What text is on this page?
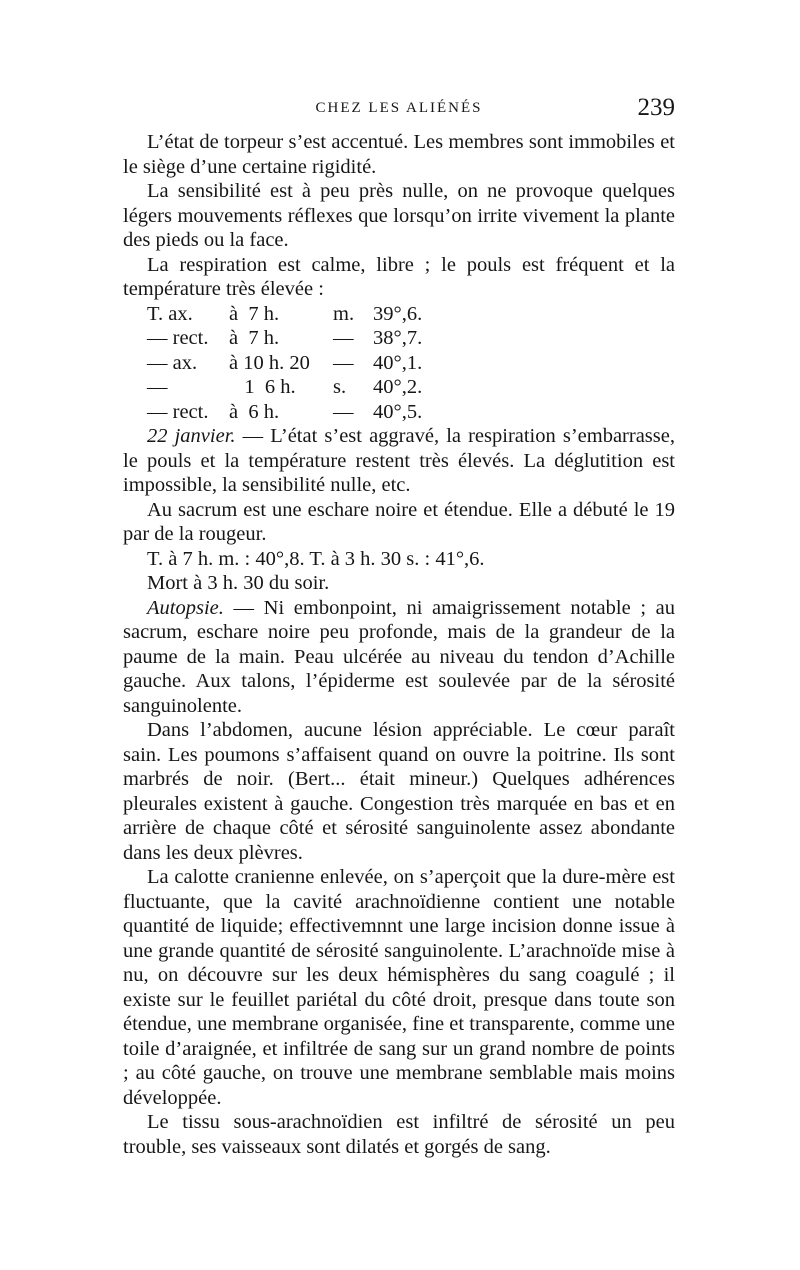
CHEZ LES ALIÉNÉS	239

L’état de torpeur s’est accentué. Les membres sont immobiles et le siège d’une certaine rigidité.

La sensibilité est à peu près nulle, on ne provoque quelques légers mouvements réflexes que lorsqu’on irrite vivement la plante des pieds ou la face.

La respiration est calme, libre ; le pouls est fréquent et la température très élevée :

T. ax.	à  7 h.	m. 39°,6.
— rect.	à  7 h.	— 38°,7.
— ax.	à 10 h. 20	— 40°,1.
—	1  6 h.	s.	40°,2.
— rect.	à  6 h.	— 40°,5.

22 janvier. — L’état s’est aggravé, la respiration s’embarrasse, le pouls et la température restent très élevés. La déglutition est impossible, la sensibilité nulle, etc.

Au sacrum est une eschare noire et étendue. Elle a débuté le 19 par de la rougeur.

T. à 7 h. m. : 40°,8. T. à 3 h. 30 s. : 41°,6.

Mort à 3 h. 30 du soir.

Autopsie. — Ni embonpoint, ni amaigrissement notable ; au sacrum, eschare noire peu profonde, mais de la grandeur de la paume de la main. Peau ulcérée au niveau du tendon d’Achille gauche. Aux talons, l’épiderme est soulevée par de la sérosité sanguinolente.

Dans l’abdomen, aucune lésion appréciable. Le cœur paraît sain. Les poumons s’affaisent quand on ouvre la poitrine. Ils sont marbrés de noir. (Bert... était mineur.) Quelques adhérences pleurales existent à gauche. Congestion très marquée en bas et en arrière de chaque côté et sérosité sanguinolente assez abondante dans les deux plèvres.

La calotte cranienne enlevée, on s’aperçoit que la dure-mère est fluctuante, que la cavité arachnoïdienne contient une notable quantité de liquide; effectivemnnt une large incision donne issue à une grande quantité de sérosité sanguinolente. L’arachnoïde mise à nu, on découvre sur les deux hémisphères du sang coagulé ; il existe sur le feuillet pariétal du côté droit, presque dans toute son étendue, une membrane organisée, fine et transparente, comme une toile d’araignée, et infiltrée de sang sur un grand nombre de points ; au côté gauche, on trouve une membrane semblable mais moins développée.

Le tissu sous-arachnoïdien est infiltré de sérosité un peu trouble, ses vaisseaux sont dilatés et gorgés de sang.
